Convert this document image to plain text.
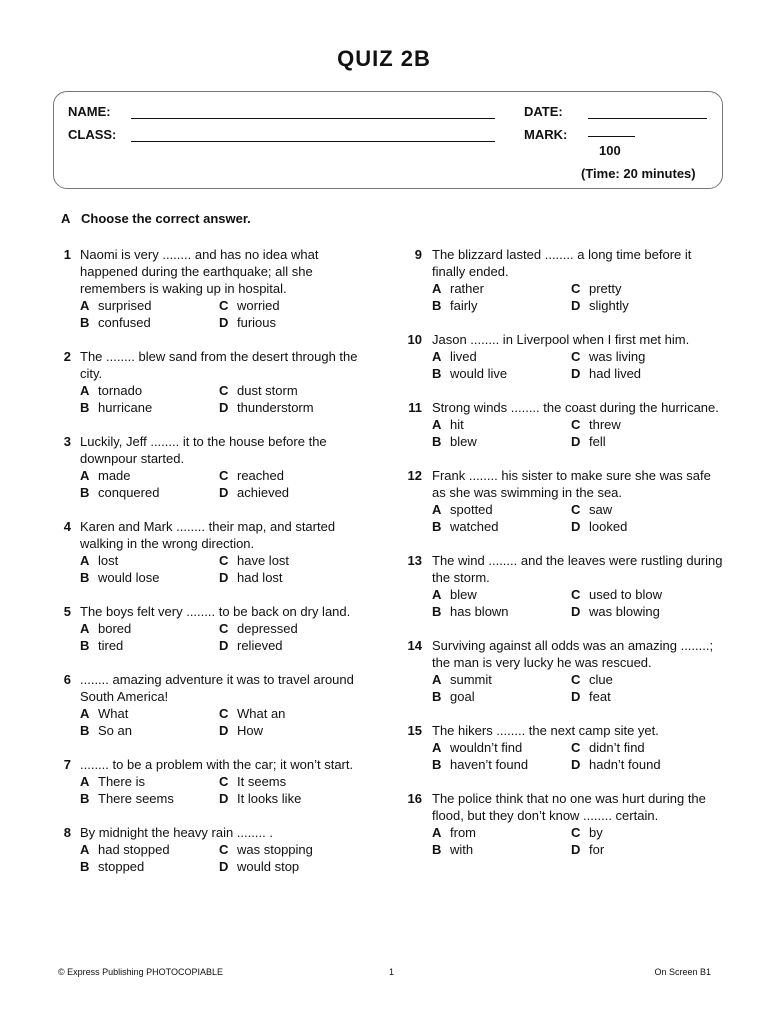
QUIZ 2B
NAME:
CLASS:
DATE:
MARK:
100
(Time: 20 minutes)
A Choose the correct answer.
1 Naomi is very ........ and has no idea what happened during the earthquake; all she remembers is waking up in hospital.
A surprised	C worried
B confused	D furious
2 The ........ blew sand from the desert through the city.
A tornado	C dust storm
B hurricane	D thunderstorm
3 Luckily, Jeff ........ it to the house before the downpour started.
A made	C reached
B conquered	D achieved
4 Karen and Mark ........ their map, and started walking in the wrong direction.
A lost	C have lost
B would lose	D had lost
5 The boys felt very ........ to be back on dry land.
A bored	C depressed
B tired	D relieved
6 ........ amazing adventure it was to travel around South America!
A What	C What an
B So an	D How
7 ........ to be a problem with the car; it won’t start.
A There is	C It seems
B There seems	D It looks like
8 By midnight the heavy rain ........ .
A had stopped	C was stopping
B stopped	D would stop
9 The blizzard lasted ........ a long time before it finally ended.
A rather	C pretty
B fairly	D slightly
10 Jason ........ in Liverpool when I first met him.
A lived	C was living
B would live	D had lived
11 Strong winds ........ the coast during the hurricane.
A hit	C threw
B blew	D fell
12 Frank ........ his sister to make sure she was safe as she was swimming in the sea.
A spotted	C saw
B watched	D looked
13 The wind ........ and the leaves were rustling during the storm.
A blew	C used to blow
B has blown	D was blowing
14 Surviving against all odds was an amazing ........; the man is very lucky he was rescued.
A summit	C clue
B goal	D feat
15 The hikers ........ the next camp site yet.
A wouldn’t find	C didn’t find
B haven’t found	D hadn’t found
16 The police think that no one was hurt during the flood, but they don’t know ........ certain.
A from	C by
B with	D for
© Express Publishing PHOTOCOPIABLE	1	On Screen B1
